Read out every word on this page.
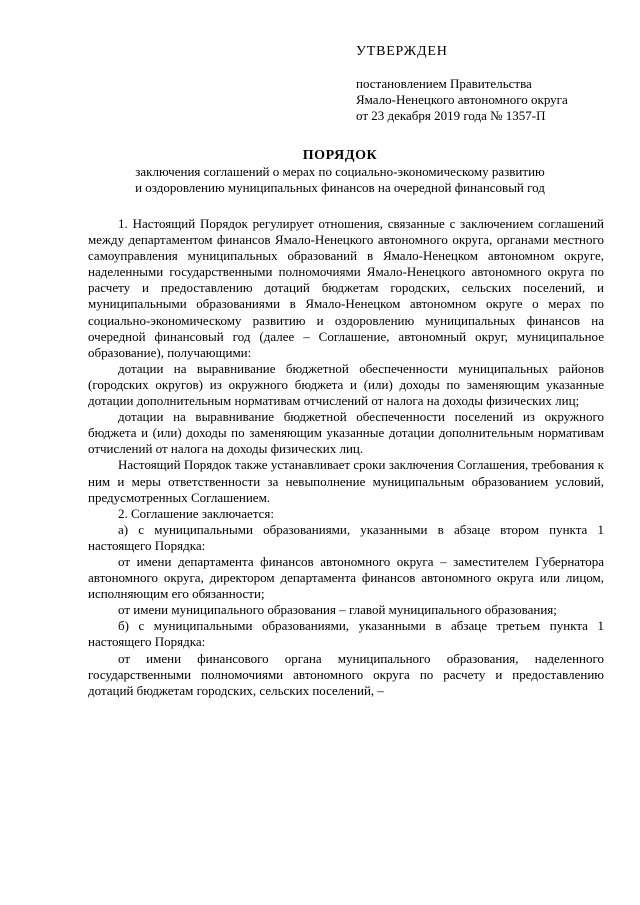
УТВЕРЖДЕН
постановлением Правительства
Ямало-Ненецкого автономного округа
от 23 декабря 2019 года № 1357-П
ПОРЯДОК
заключения соглашений о мерах по социально-экономическому развитию
и оздоровлению муниципальных финансов на очередной финансовый год

1. Настоящий Порядок регулирует отношения, связанные с заключением соглашений между департаментом финансов Ямало-Ненецкого автономного округа, органами местного самоуправления муниципальных образований в Ямало-Ненецком автономном округе, наделенными государственными полномочиями Ямало-Ненецкого автономного округа по расчету и предоставлению дотаций бюджетам городских, сельских поселений, и муниципальными образованиями в Ямало-Ненецком автономном округе о мерах по социально-экономическому развитию и оздоровлению муниципальных финансов на очередной финансовый год (далее – Соглашение, автономный округ, муниципальное образование), получающими:

дотации на выравнивание бюджетной обеспеченности муниципальных районов (городских округов) из окружного бюджета и (или) доходы по заменяющим указанные дотации дополнительным нормативам отчислений от налога на доходы физических лиц;

дотации на выравнивание бюджетной обеспеченности поселений из окружного бюджета и (или) доходы по заменяющим указанные дотации дополнительным нормативам отчислений от налога на доходы физических лиц.

Настоящий Порядок также устанавливает сроки заключения Соглашения, требования к ним и меры ответственности за невыполнение муниципальным образованием условий, предусмотренных Соглашением.

2. Соглашение заключается:

а) с муниципальными образованиями, указанными в абзаце втором пункта 1 настоящего Порядка:

от имени департамента финансов автономного округа – заместителем Губернатора автономного округа, директором департамента финансов автономного округа или лицом, исполняющим его обязанности;

от имени муниципального образования – главой муниципального образования;

б) с муниципальными образованиями, указанными в абзаце третьем пункта 1 настоящего Порядка:

от имени финансового органа муниципального образования, наделенного государственными полномочиями автономного округа по расчету и предоставлению дотаций бюджетам городских, сельских поселений, –
